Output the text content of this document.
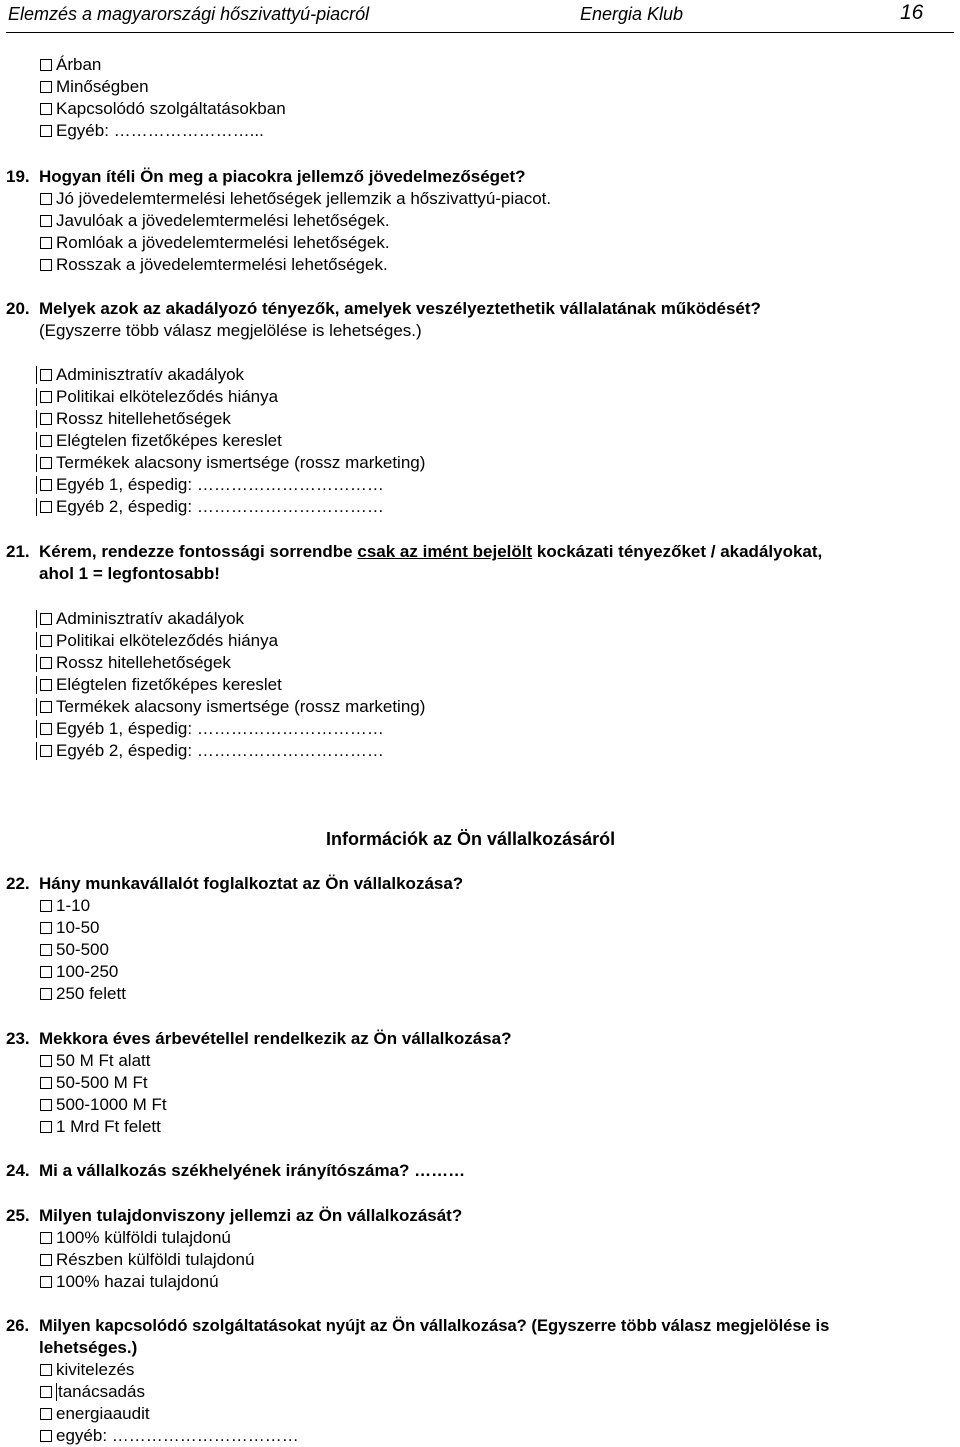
Elemzés a magyarországi hőszivattyú-piacról	Energia Klub	16
Árban
Minőségben
Kapcsolódó szolgáltatásokban
Egyéb: ……………………...
19. Hogyan ítéli Ön meg a piacokra jellemző jövedelmezőséget?
Jó jövedelemtermelési lehetőségek jellemzik a hőszivattyú-piacot.
Javulóak a jövedelemtermelési lehetőségek.
Romlóak a jövedelemtermelési lehetőségek.
Rosszak a jövedelemtermelési lehetőségek.
20. Melyek azok az akadályozó tényezők, amelyek veszélyeztethetik vállalatának működését?
(Egyszerre több válasz megjelölése is lehetséges.)
Adminisztratív akadályok
Politikai elköteleződés hiánya
Rossz hitellehetőségek
Elégtelen fizetőképes kereslet
Termékek alacsony ismertsége (rossz marketing)
Egyéb 1, éspedig: ……………………………
Egyéb 2, éspedig: ……………………………
21. Kérem, rendezze fontossági sorrendbe csak az imént bejelölt kockázati tényezőket / akadályokat,
ahol 1 = legfontosabb!
Adminisztratív akadályok
Politikai elköteleződés hiánya
Rossz hitellehetőségek
Elégtelen fizetőképes kereslet
Termékek alacsony ismertsége (rossz marketing)
Egyéb 1, éspedig: ……………………………
Egyéb 2, éspedig: ……………………………
Információk az Ön vállalkozásáról
22. Hány munkavállalót foglalkoztat az Ön vállalkozása?
1-10
10-50
50-500
100-250
250 felett
23. Mekkora éves árbevétellel rendelkezik az Ön vállalkozása?
50 M Ft alatt
50-500 M Ft
500-1000 M Ft
1 Mrd Ft felett
24. Mi a vállalkozás székhelyének irányítószáma? ………
25. Milyen tulajdonviszony jellemzi az Ön vállalkozását?
100% külföldi tulajdonú
Részben külföldi tulajdonú
100% hazai tulajdonú
26. Milyen kapcsolódó szolgáltatásokat nyújt az Ön vállalkozása? (Egyszerre több válasz megjelölése is
lehetséges.)
kivitelezés
tanácsadás
energiaaudit
egyéb: ……………………………
